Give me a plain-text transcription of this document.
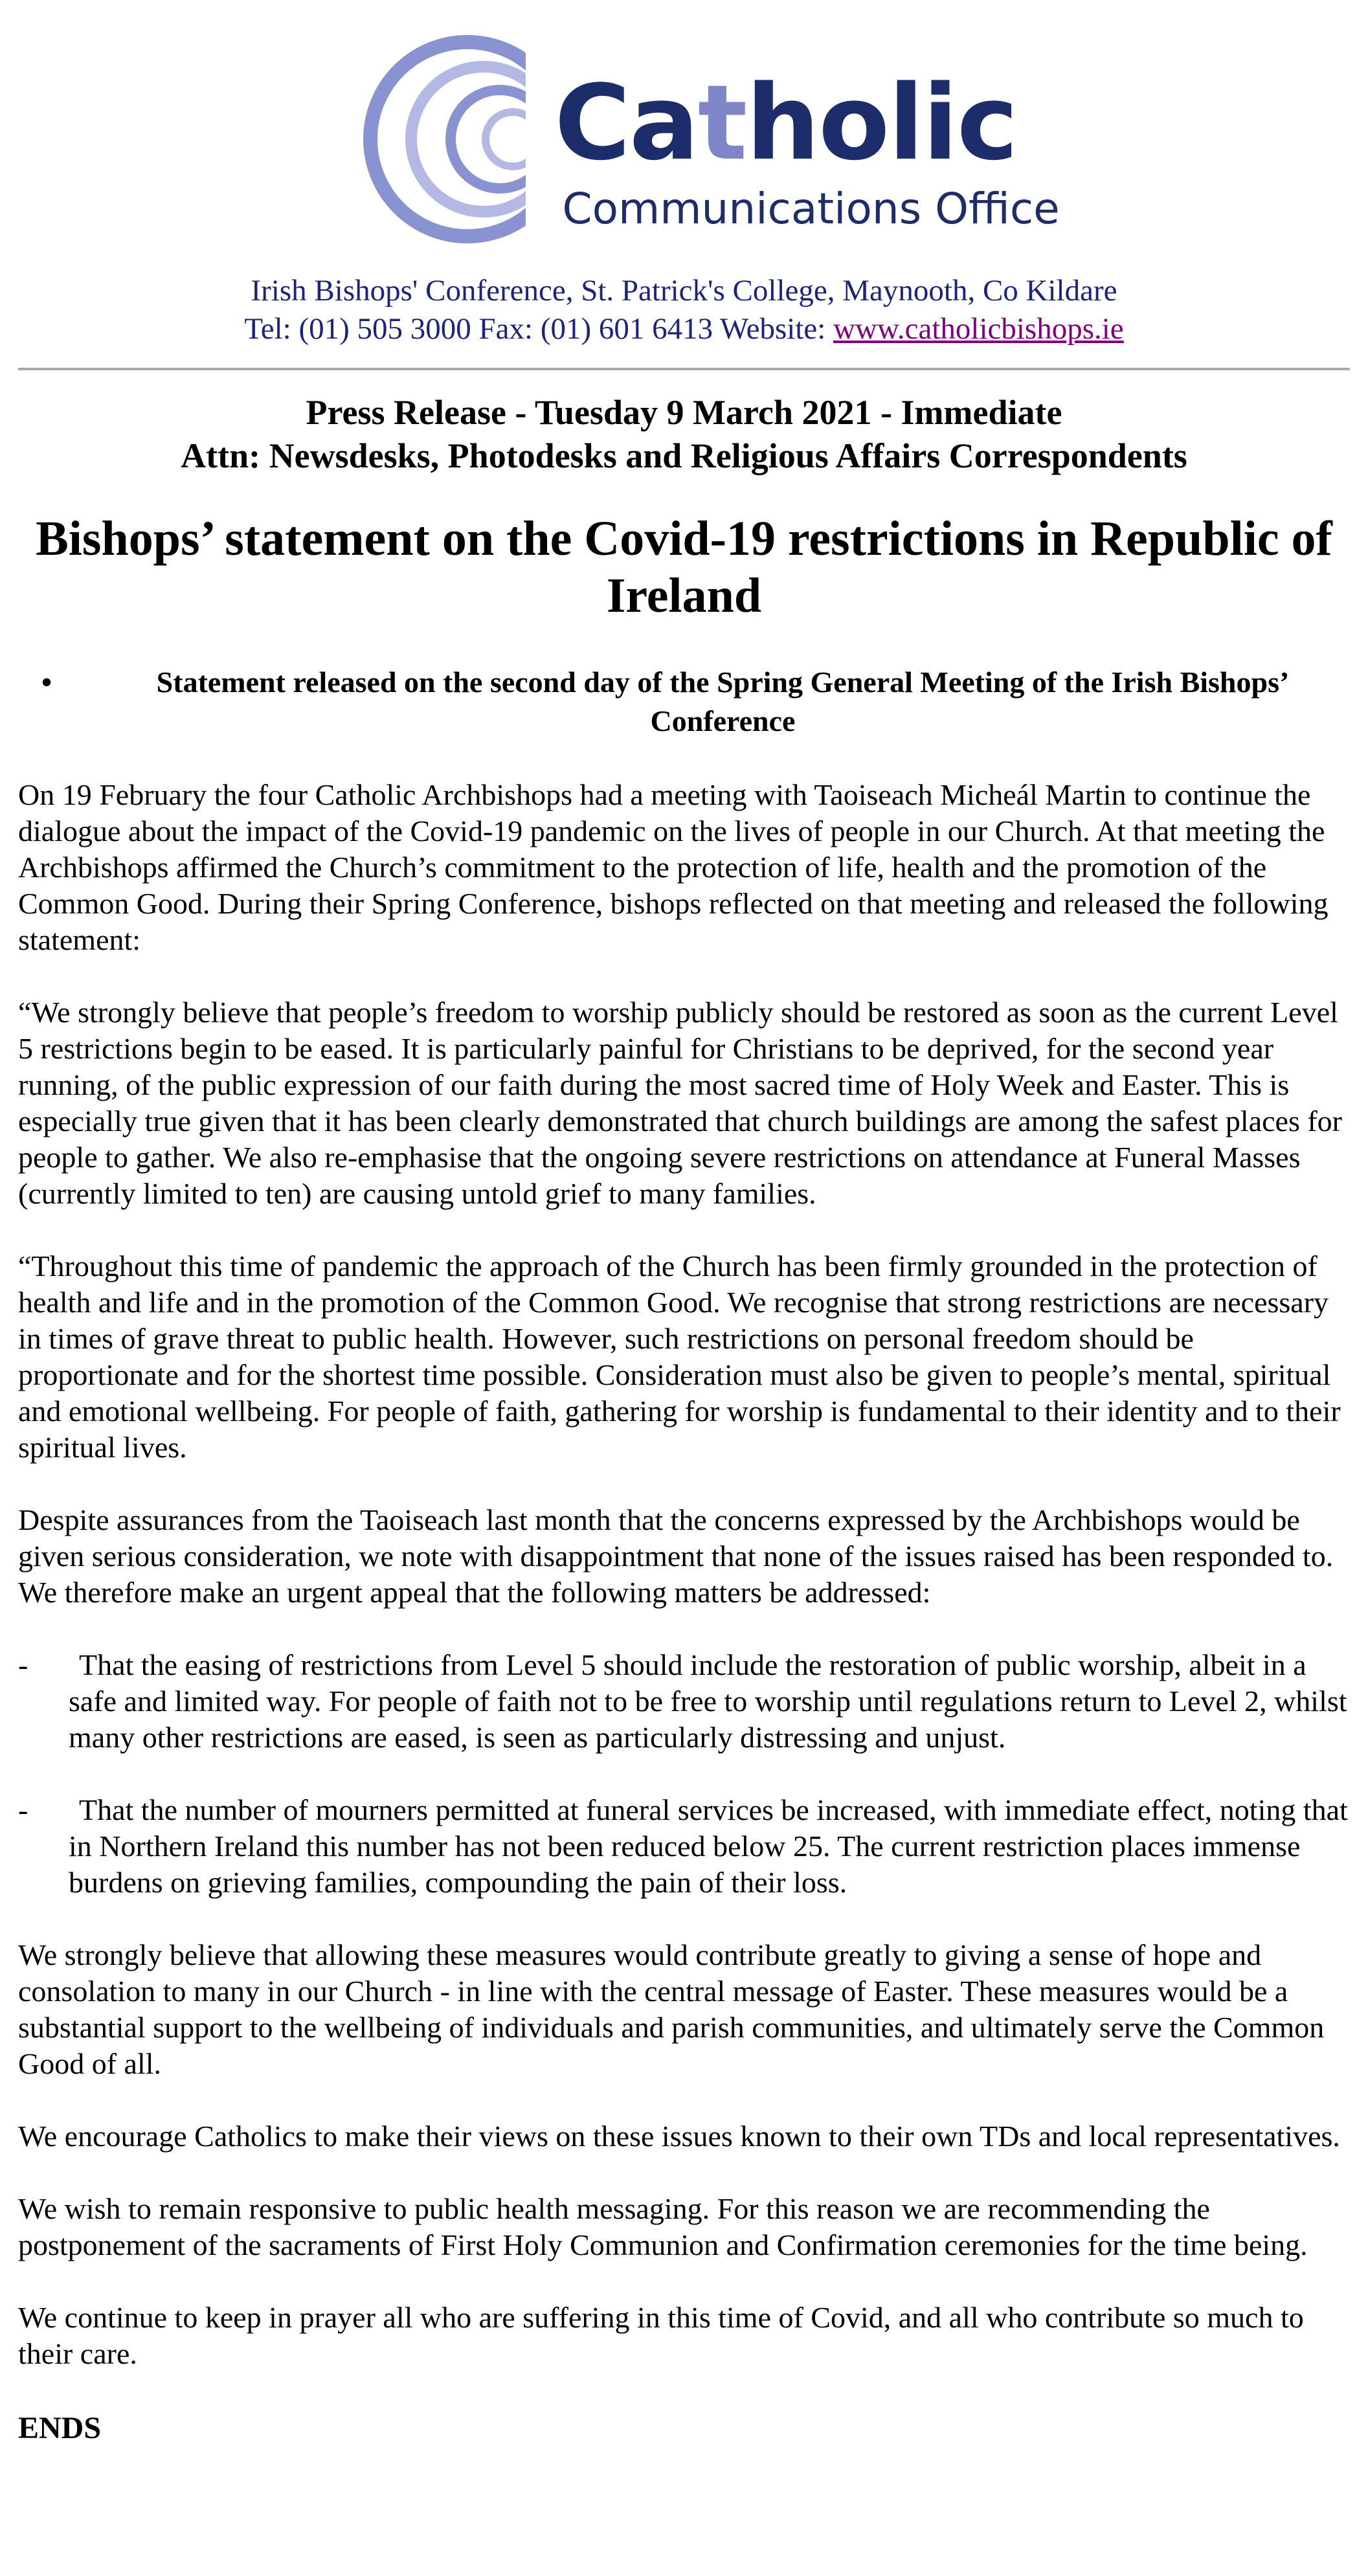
Catholic
Communications Office
Irish Bishops' Conference, St. Patrick's College, Maynooth, Co Kildare
Tel: (01) 505 3000 Fax: (01) 601 6413 Website: www.catholicbishops.ie
Press Release - Tuesday 9 March 2021 - Immediate
Attn: Newsdesks, Photodesks and Religious Affairs Correspondents
Bishops’ statement on the Covid-19 restrictions in Republic of Ireland
•	Statement released on the second day of the Spring General Meeting of the Irish Bishops’ Conference
On 19 February the four Catholic Archbishops had a meeting with Taoiseach Micheál Martin to continue the dialogue about the impact of the Covid-19 pandemic on the lives of people in our Church. At that meeting the Archbishops affirmed the Church’s commitment to the protection of life, health and the promotion of the Common Good. During their Spring Conference, bishops reflected on that meeting and released the following statement:
“We strongly believe that people’s freedom to worship publicly should be restored as soon as the current Level 5 restrictions begin to be eased. It is particularly painful for Christians to be deprived, for the second year running, of the public expression of our faith during the most sacred time of Holy Week and Easter. This is especially true given that it has been clearly demonstrated that church buildings are among the safest places for people to gather. We also re-emphasise that the ongoing severe restrictions on attendance at Funeral Masses (currently limited to ten) are causing untold grief to many families.
“Throughout this time of pandemic the approach of the Church has been firmly grounded in the protection of health and life and in the promotion of the Common Good. We recognise that strong restrictions are necessary in times of grave threat to public health. However, such restrictions on personal freedom should be proportionate and for the shortest time possible. Consideration must also be given to people’s mental, spiritual and emotional wellbeing. For people of faith, gathering for worship is fundamental to their identity and to their spiritual lives.
Despite assurances from the Taoiseach last month that the concerns expressed by the Archbishops would be given serious consideration, we note with disappointment that none of the issues raised has been responded to. We therefore make an urgent appeal that the following matters be addressed:
-	That the easing of restrictions from Level 5 should include the restoration of public worship, albeit in a safe and limited way. For people of faith not to be free to worship until regulations return to Level 2, whilst many other restrictions are eased, is seen as particularly distressing and unjust.
-	That the number of mourners permitted at funeral services be increased, with immediate effect, noting that in Northern Ireland this number has not been reduced below 25. The current restriction places immense burdens on grieving families, compounding the pain of their loss.
We strongly believe that allowing these measures would contribute greatly to giving a sense of hope and consolation to many in our Church - in line with the central message of Easter. These measures would be a substantial support to the wellbeing of individuals and parish communities, and ultimately serve the Common Good of all.
We encourage Catholics to make their views on these issues known to their own TDs and local representatives.
We wish to remain responsive to public health messaging. For this reason we are recommending the postponement of the sacraments of First Holy Communion and Confirmation ceremonies for the time being.
We continue to keep in prayer all who are suffering in this time of Covid, and all who contribute so much to their care.
ENDS
